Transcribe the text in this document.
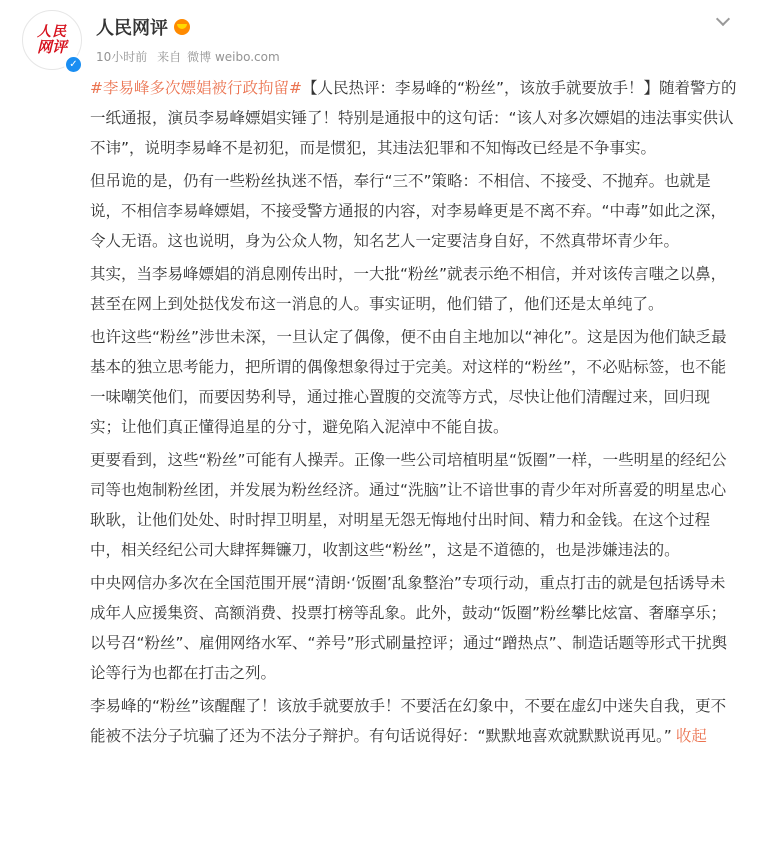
人民
网评
✓
人民网评
10小时前 来自 微博 weibo.com

#李易峰多次嫖娼被行政拘留#【人民热评：李易峰的“粉丝”，该放手就要放手！】随着警方的一纸通报，演员李易峰嫖娼实锤了！特别是通报中的这句话：“该人对多次嫖娼的违法事实供认不讳”，说明李易峰不是初犯，而是惯犯，其违法犯罪和不知悔改已经是不争事实。

但吊诡的是，仍有一些粉丝执迷不悟，奉行“三不”策略：不相信、不接受、不抛弃。也就是说，不相信李易峰嫖娼，不接受警方通报的内容，对李易峰更是不离不弃。“中毒”如此之深，令人无语。这也说明，身为公众人物，知名艺人一定要洁身自好，不然真带坏青少年。

其实，当李易峰嫖娼的消息刚传出时，一大批“粉丝”就表示绝不相信，并对该传言嗤之以鼻，甚至在网上到处挞伐发布这一消息的人。事实证明，他们错了，他们还是太单纯了。

也许这些“粉丝”涉世未深，一旦认定了偶像，便不由自主地加以“神化”。这是因为他们缺乏最基本的独立思考能力，把所谓的偶像想象得过于完美。对这样的“粉丝”，不必贴标签，也不能一味嘲笑他们，而要因势利导，通过推心置腹的交流等方式，尽快让他们清醒过来，回归现实；让他们真正懂得追星的分寸，避免陷入泥淖中不能自拔。

更要看到，这些“粉丝”可能有人操弄。正像一些公司培植明星“饭圈”一样，一些明星的经纪公司等也炮制粉丝团，并发展为粉丝经济。通过“洗脑”让不谙世事的青少年对所喜爱的明星忠心耿耿，让他们处处、时时捍卫明星，对明星无怨无悔地付出时间、精力和金钱。在这个过程中，相关经纪公司大肆挥舞镰刀，收割这些“粉丝”，这是不道德的，也是涉嫌违法的。

中央网信办多次在全国范围开展“清朗·‘饭圈’乱象整治”专项行动，重点打击的就是包括诱导未成年人应援集资、高额消费、投票打榜等乱象。此外，鼓动“饭圈”粉丝攀比炫富、奢靡享乐；以号召“粉丝”、雇佣网络水军、“养号”形式刷量控评；通过“蹭热点”、制造话题等形式干扰舆论等行为也都在打击之列。

李易峰的“粉丝”该醒醒了！该放手就要放手！不要活在幻象中，不要在虚幻中迷失自我，更不能被不法分子坑骗了还为不法分子辩护。有句话说得好：“默默地喜欢就默默说再见。” 收起
